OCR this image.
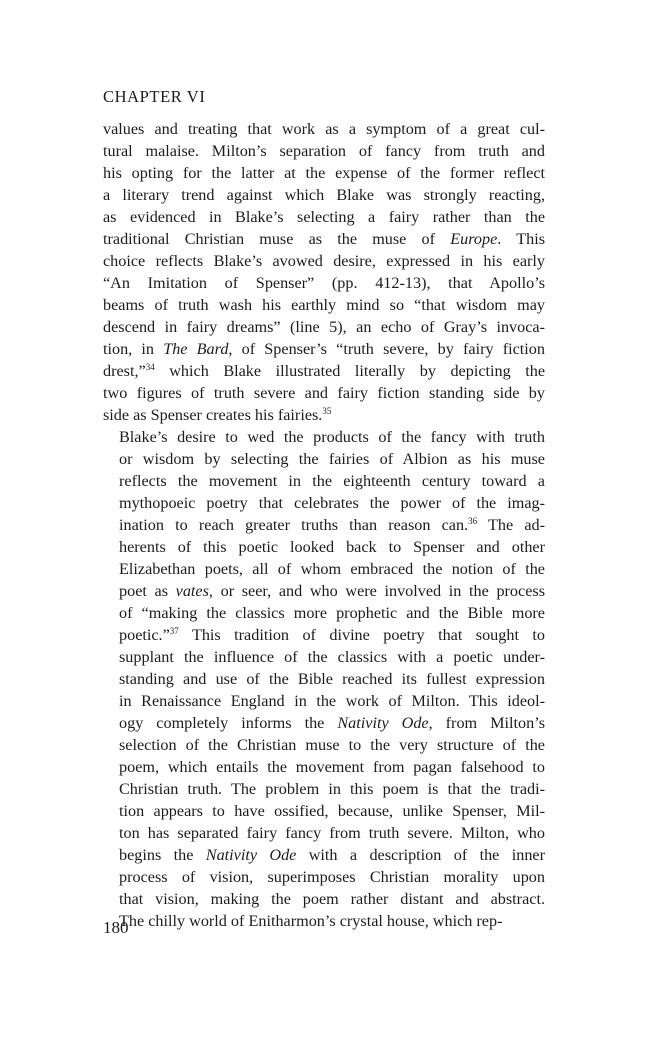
CHAPTER VI
values and treating that work as a symptom of a great cul-
tural malaise. Milton’s separation of fancy from truth and
his opting for the latter at the expense of the former reflect
a literary trend against which Blake was strongly reacting,
as evidenced in Blake’s selecting a fairy rather than the
traditional Christian muse as the muse of Europe. This
choice reflects Blake’s avowed desire, expressed in his early
“An Imitation of Spenser” (pp. 412-13), that Apollo’s
beams of truth wash his earthly mind so “that wisdom may
descend in fairy dreams” (line 5), an echo of Gray’s invoca-
tion, in The Bard, of Spenser’s “truth severe, by fairy fiction
drest,”$^{34}$ which Blake illustrated literally by depicting the
two figures of truth severe and fairy fiction standing side by
side as Spenser creates his fairies.$^{35}$
Blake’s desire to wed the products of the fancy with truth
or wisdom by selecting the fairies of Albion as his muse
reflects the movement in the eighteenth century toward a
mythopoeic poetry that celebrates the power of the imag-
ination to reach greater truths than reason can.$^{36}$ The ad-
herents of this poetic looked back to Spenser and other
Elizabethan poets, all of whom embraced the notion of the
poet as vates, or seer, and who were involved in the process
of “making the classics more prophetic and the Bible more
poetic.”$^{37}$ This tradition of divine poetry that sought to
supplant the influence of the classics with a poetic under-
standing and use of the Bible reached its fullest expression
in Renaissance England in the work of Milton. This ideol-
ogy completely informs the Nativity Ode, from Milton’s
selection of the Christian muse to the very structure of the
poem, which entails the movement from pagan falsehood to
Christian truth. The problem in this poem is that the tradi-
tion appears to have ossified, because, unlike Spenser, Mil-
ton has separated fairy fancy from truth severe. Milton, who
begins the Nativity Ode with a description of the inner
process of vision, superimposes Christian morality upon
that vision, making the poem rather distant and abstract.
The chilly world of Enitharmon’s crystal house, which rep-
180
